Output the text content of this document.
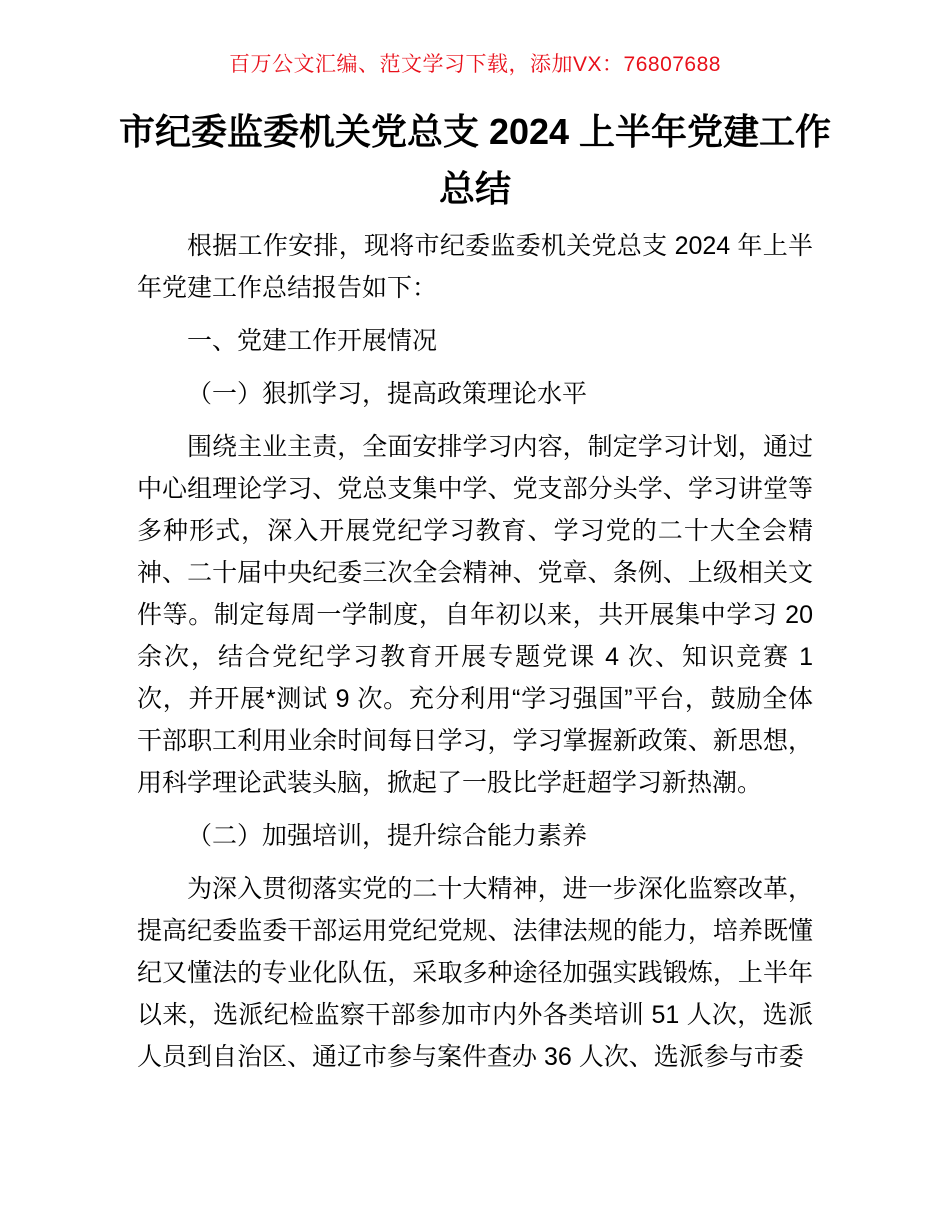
百万公文汇编、范文学习下载，添加VX：76807688
市纪委监委机关党总支 2024 上半年党建工作总结

根据工作安排，现将市纪委监委机关党总支 2024 年上半年党建工作总结报告如下：

一、党建工作开展情况

（一）狠抓学习，提高政策理论水平

围绕主业主责，全面安排学习内容，制定学习计划，通过中心组理论学习、党总支集中学、党支部分头学、学习讲堂等多种形式，深入开展党纪学习教育、学习党的二十大全会精神、二十届中央纪委三次全会精神、党章、条例、上级相关文件等。制定每周一学制度，自年初以来，共开展集中学习 20 余次，结合党纪学习教育开展专题党课 4 次、知识竞赛 1 次，并开展*测试 9 次。充分利用“学习强国”平台，鼓励全体干部职工利用业余时间每日学习，学习掌握新政策、新思想，用科学理论武装头脑，掀起了一股比学赶超学习新热潮。

（二）加强培训，提升综合能力素养

为深入贯彻落实党的二十大精神，进一步深化监察改革，提高纪委监委干部运用党纪党规、法律法规的能力，培养既懂纪又懂法的专业化队伍，采取多种途径加强实践锻炼，上半年以来，选派纪检监察干部参加市内外各类培训 51 人次，选派人员到自治区、通辽市参与案件查办 36 人次、选派参与市委
